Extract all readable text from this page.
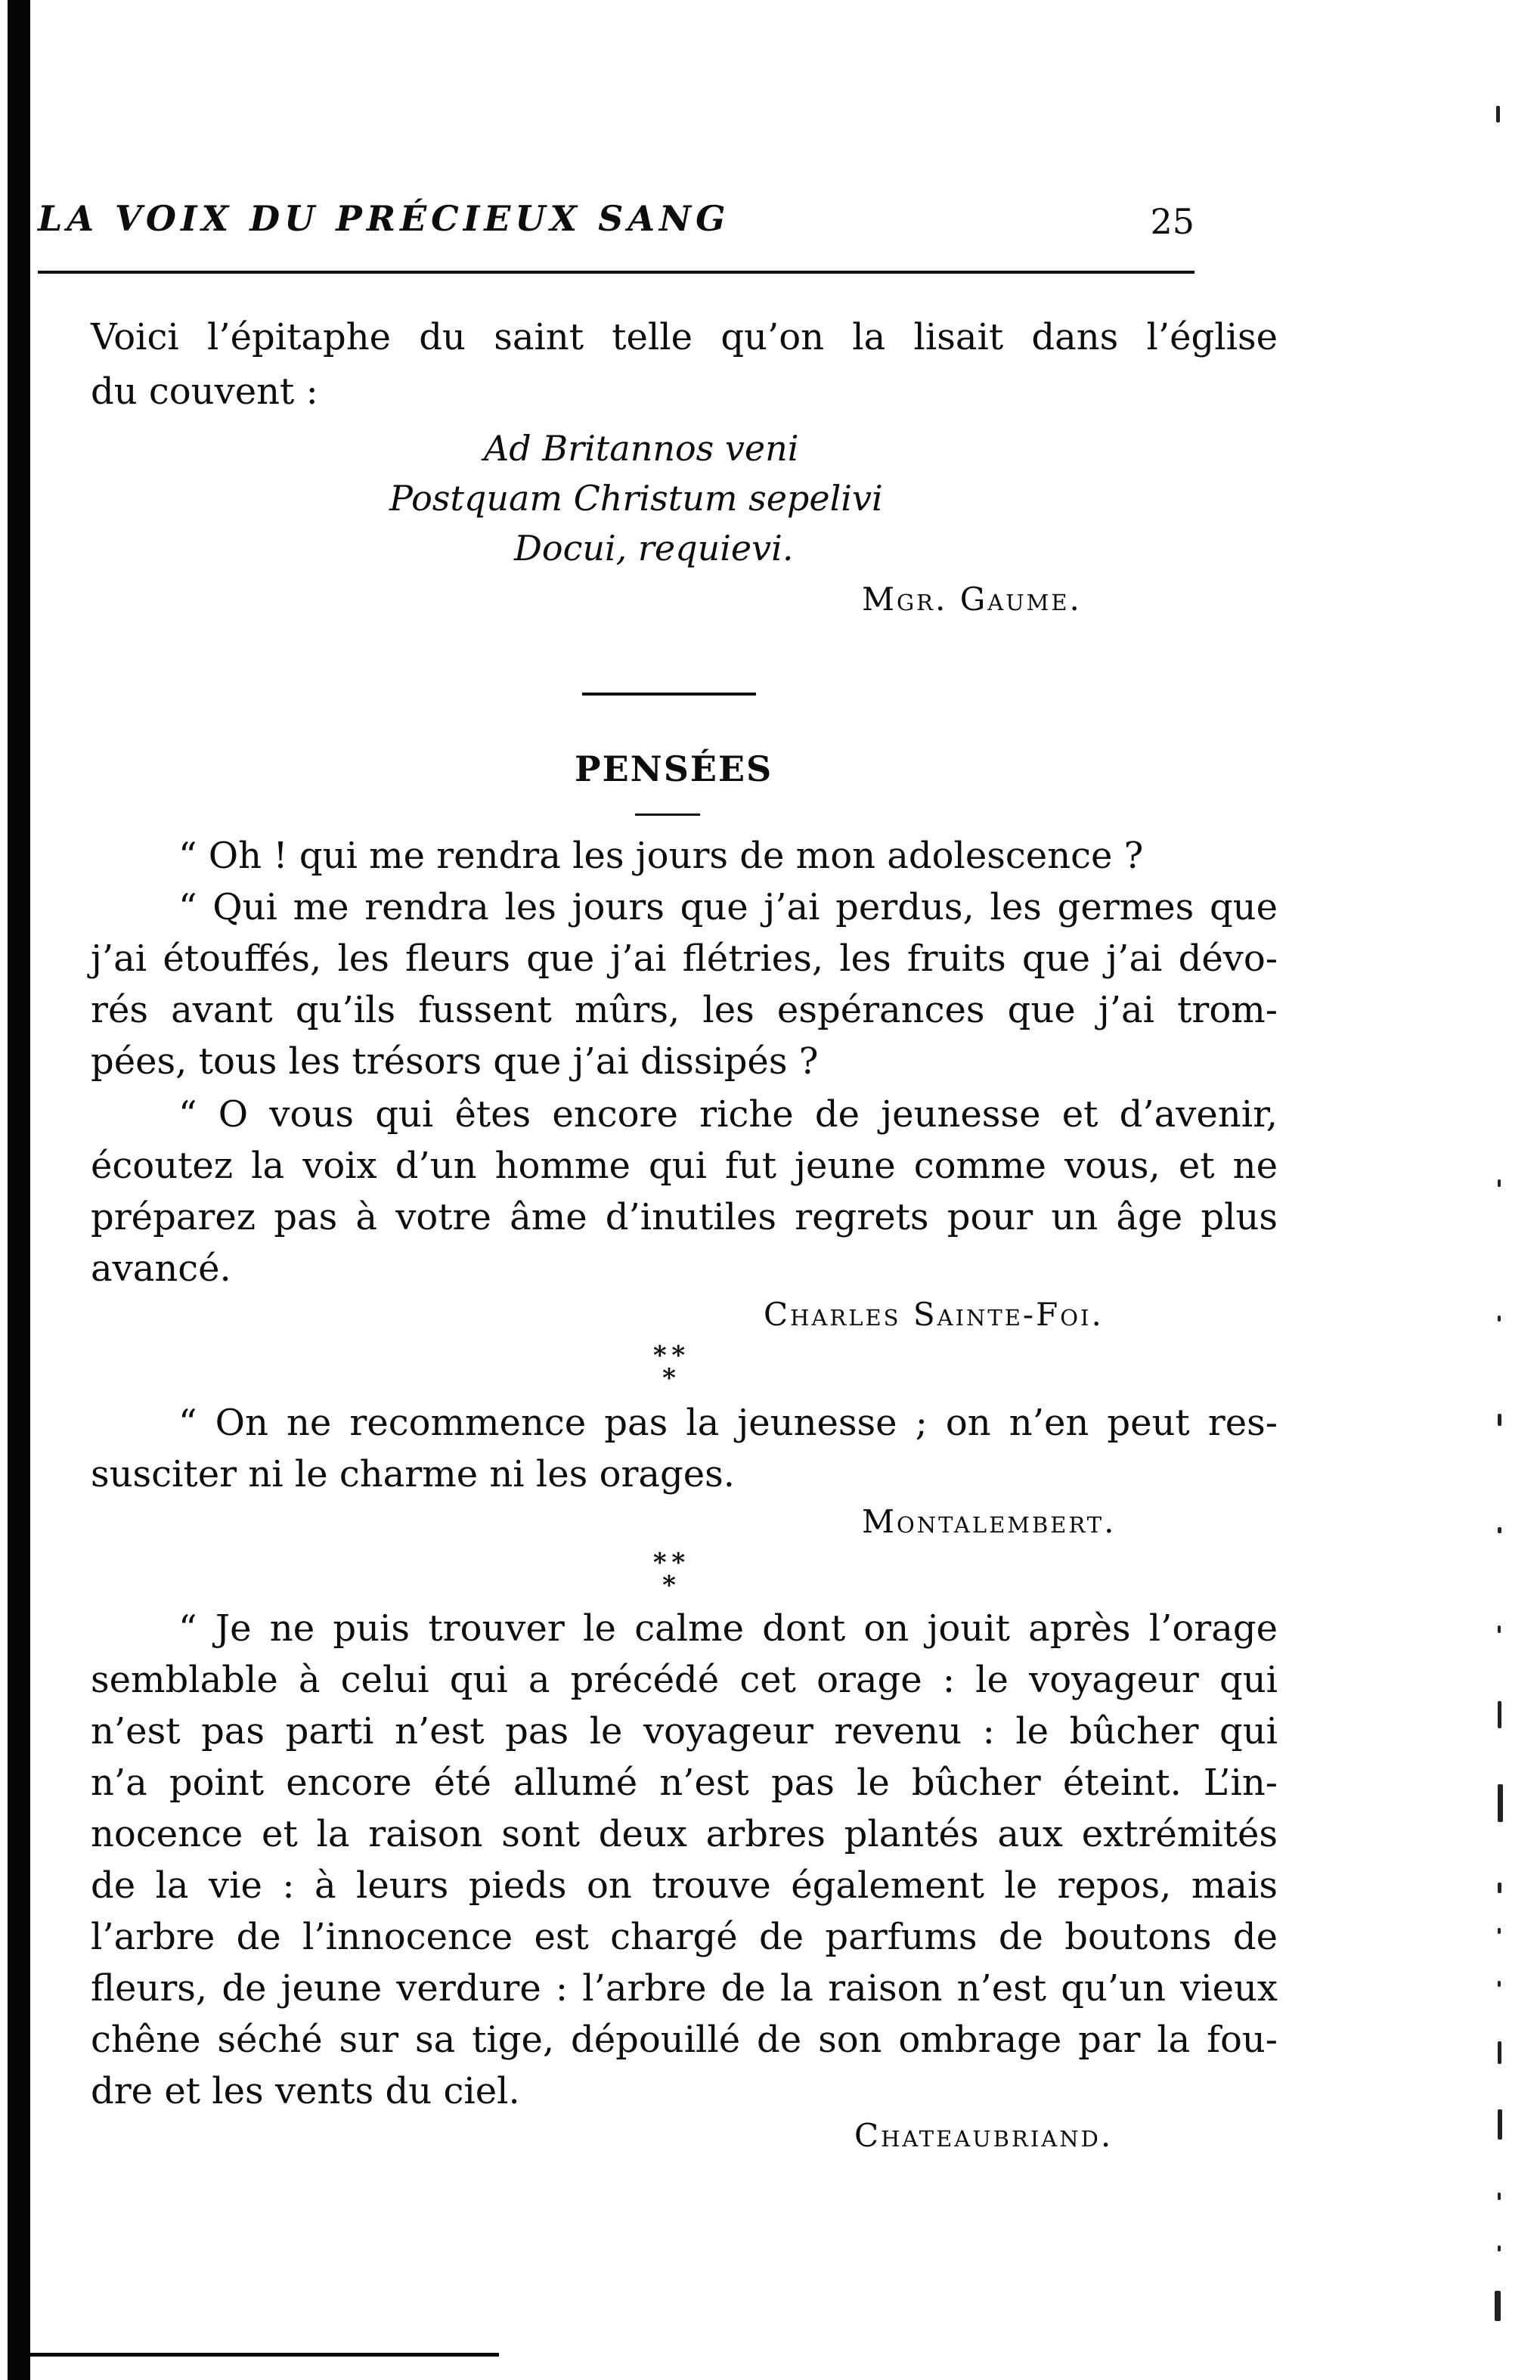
LA VOIX DU PRÉCIEUX SANG	25
Voici l’épitaphe du saint telle qu’on la lisait dans l’église
du couvent :
Ad Britannos veni
Postquam Christum sepelivi
Docui, requievi.
Mgr. Gaume.
PENSÉES
“ Oh ! qui me rendra les jours de mon adolescence ?
“ Qui me rendra les jours que j’ai perdus, les germes que
j’ai étouffés, les fleurs que j’ai flétries, les fruits que j’ai dévo-
rés avant qu’ils fussent mûrs, les espérances que j’ai trom-
pées, tous les trésors que j’ai dissipés ?
“ O vous qui êtes encore riche de jeunesse et d’avenir,
écoutez la voix d’un homme qui fut jeune comme vous, et ne
préparez pas à votre âme d’inutiles regrets pour un âge plus
avancé.
Charles Sainte-Foi.
* *
*
“ On ne recommence pas la jeunesse ; on n’en peut res-
susciter ni le charme ni les orages.
Montalembert.
* *
*
“ Je ne puis trouver le calme dont on jouit après l’orage
semblable à celui qui a précédé cet orage : le voyageur qui
n’est pas parti n’est pas le voyageur revenu : le bûcher qui
n’a point encore été allumé n’est pas le bûcher éteint. L’in-
nocence et la raison sont deux arbres plantés aux extrémités
de la vie : à leurs pieds on trouve également le repos, mais
l’arbre de l’innocence est chargé de parfums de boutons de
fleurs, de jeune verdure : l’arbre de la raison n’est qu’un vieux
chêne séché sur sa tige, dépouillé de son ombrage par la fou-
dre et les vents du ciel.
Chateaubriand.
